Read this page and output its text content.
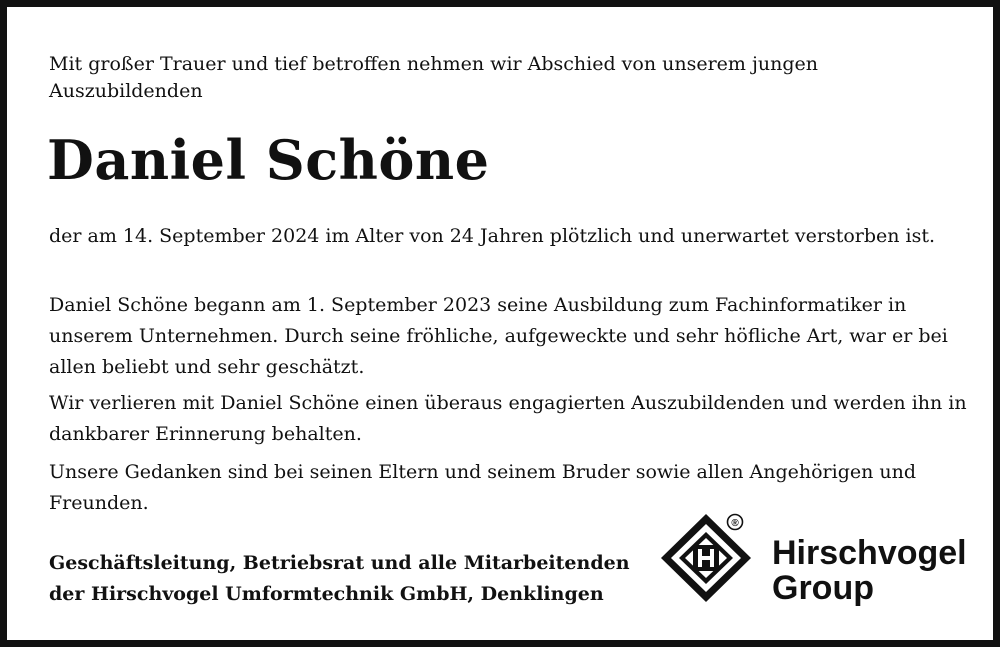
Mit großer Trauer und tief betroffen nehmen wir Abschied von unserem jungen Auszubildenden

Daniel Schöne

der am 14. September 2024 im Alter von 24 Jahren plötzlich und unerwartet verstorben ist.

Daniel Schöne begann am 1. September 2023 seine Ausbildung zum Fachinformatiker in unserem Unternehmen. Durch seine fröhliche, aufgeweckte und sehr höfliche Art, war er bei allen beliebt und sehr geschätzt.

Wir verlieren mit Daniel Schöne einen überaus engagierten Auszubildenden und werden ihn in dankbarer Erinnerung behalten.

Unsere Gedanken sind bei seinen Eltern und seinem Bruder sowie allen Angehörigen und Freunden.

Geschäftsleitung, Betriebsrat und alle Mitarbeitenden
der Hirschvogel Umformtechnik GmbH, Denklingen
®
Hirschvogel
Group
